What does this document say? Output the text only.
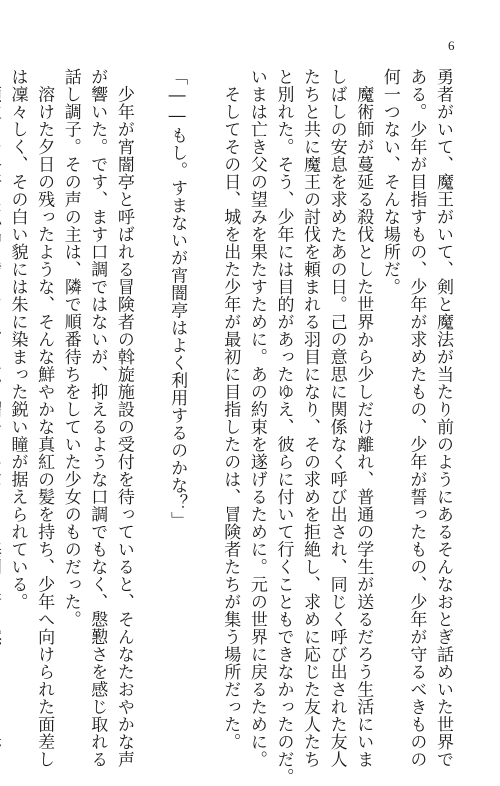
6
勇者がいて、魔王がいて、剣と魔法が当たり前のようにあるそんなおとぎ話めいた世界で
ある。少年が目指すもの、少年が求めたもの、少年が誓ったもの、少年が守るべきものの
何一つない、そんな場所だ。
　魔術師が蔓延る殺伐とした世界から少しだけ離れ、普通の学生が送るだろう生活にいま
しばしの安息を求めたあの日。己の意思に関係なく呼び出され、同じく呼び出された友人
たちと共に魔王の討伐を頼まれる羽目になり、その求めを拒絶し、求めに応じた友人たち
と別れた。そう、少年には目的があったゆえ、彼らに付いて行くこともできなかったのだ。
いまは亡き父の望みを果たすために。あの約束を遂げるために。元の世界に戻るために。
　そしてその日、城を出た少年が最初に目指したのは、冒険者たちが集う場所だった。
「――もし。すまないが宵闇亭はよく利用するのかな？」
　少年が宵闇亭と呼ばれる冒険者の斡旋施設の受付を待っていると、そんなたおやかな声
が響いた。です、ます口調ではないが、抑えるような口調でもなく、慇懃さを感じ取れる
話し調子。その声の主は、隣で順番待ちをしていた少女のものだった。
　溶けた夕日の残ったような、そんな鮮やかな真紅の髪を持ち、少年へ向けられた面差し
は凜々しく、その白い貌には朱に染まった鋭い瞳が据えられている。
